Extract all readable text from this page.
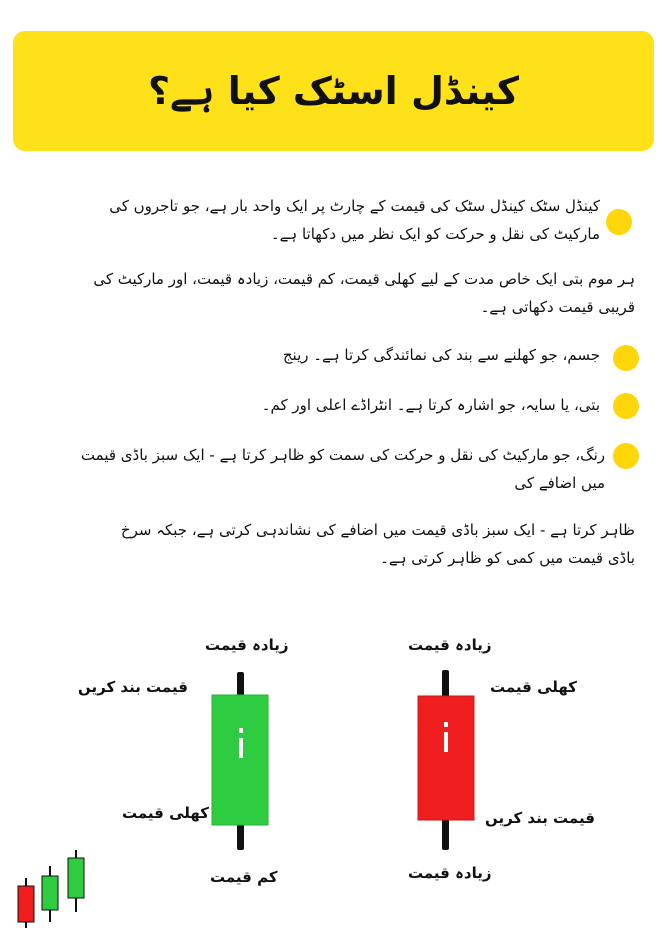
کینڈل اسٹک کیا ہے؟

کینڈل سٹک کینڈل سٹک کی قیمت کے چارٹ پر ایک واحد بار ہے، جو تاجروں کی مارکیٹ کی نقل و حرکت کو ایک نظر میں دکھاتا ہے۔

ہر موم بتی ایک خاص مدت کے لیے کھلی قیمت، کم قیمت، زیادہ قیمت، اور مارکیٹ کی قریبی قیمت دکھاتی ہے۔

جسم، جو کھلنے سے بند کی نمائندگی کرتا ہے۔ رینج

بتی، یا سایہ، جو اشارہ کرتا ہے۔ انٹراڈے اعلی اور کم۔

رنگ، جو مارکیٹ کی نقل و حرکت کی سمت کو ظاہر کرتا ہے - ایک سبز باڈی قیمت میں اضافے کی

ظاہر کرتا ہے - ایک سبز باڈی قیمت میں اضافے کی نشاندہی کرتی ہے، جبکہ سرخ باڈی قیمت میں کمی کو ظاہر کرتی ہے۔

زیادہ قیمت
قیمت بند کریں
کھلی قیمت
کم قیمت
زیادہ قیمت
کھلی قیمت
قیمت بند کریں
زیادہ قیمت
